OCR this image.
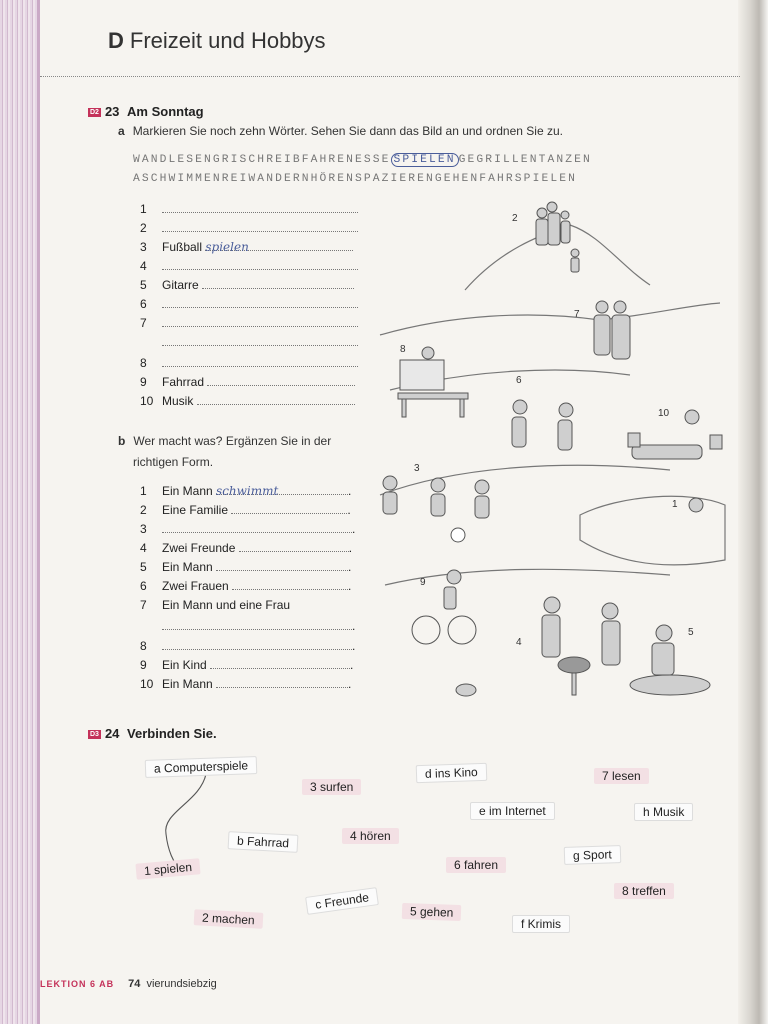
D Freizeit und Hobbys
D2 23 Am Sonntag
a Markieren Sie noch zehn Wörter. Sehen Sie dann das Bild an und ordnen Sie zu.
WANDLESENGRISCHREIBFAHRENESSE SPIELEN GEGRILLENTANZEN
ASCHWIMMENREIWANDERNHÖRENSPAZIERENGEHENFAHRSPIELEN
1
2
3 Fußball spielen
4
5 Gitarre
6
7
8
9 Fahrrad
10 Musik
b Wer macht was? Ergänzen Sie in der
richtigen Form.
1 Ein Mann schwimmt	.
2 Eine Familie	.
3	.
4 Zwei Freunde	.
5 Ein Mann	.
6 Zwei Frauen	.
7 Ein Mann und eine Frau
.
8	.
9 Ein Kind	.
10 Ein Mann	.
2
7
8
6
10
3
1
9
4
5
D3 24 Verbinden Sie.
a Computerspiele
3 surfen
d ins Kino	7 lesen
e im Internet	h Musik
b Fahrrad	4 hören
g Sport
1 spielen	6 fahren
8 treffen
c Freunde
5 gehen
2 machen	f Krimis
LEKTION 6 AB 74 vierundsiebzig
